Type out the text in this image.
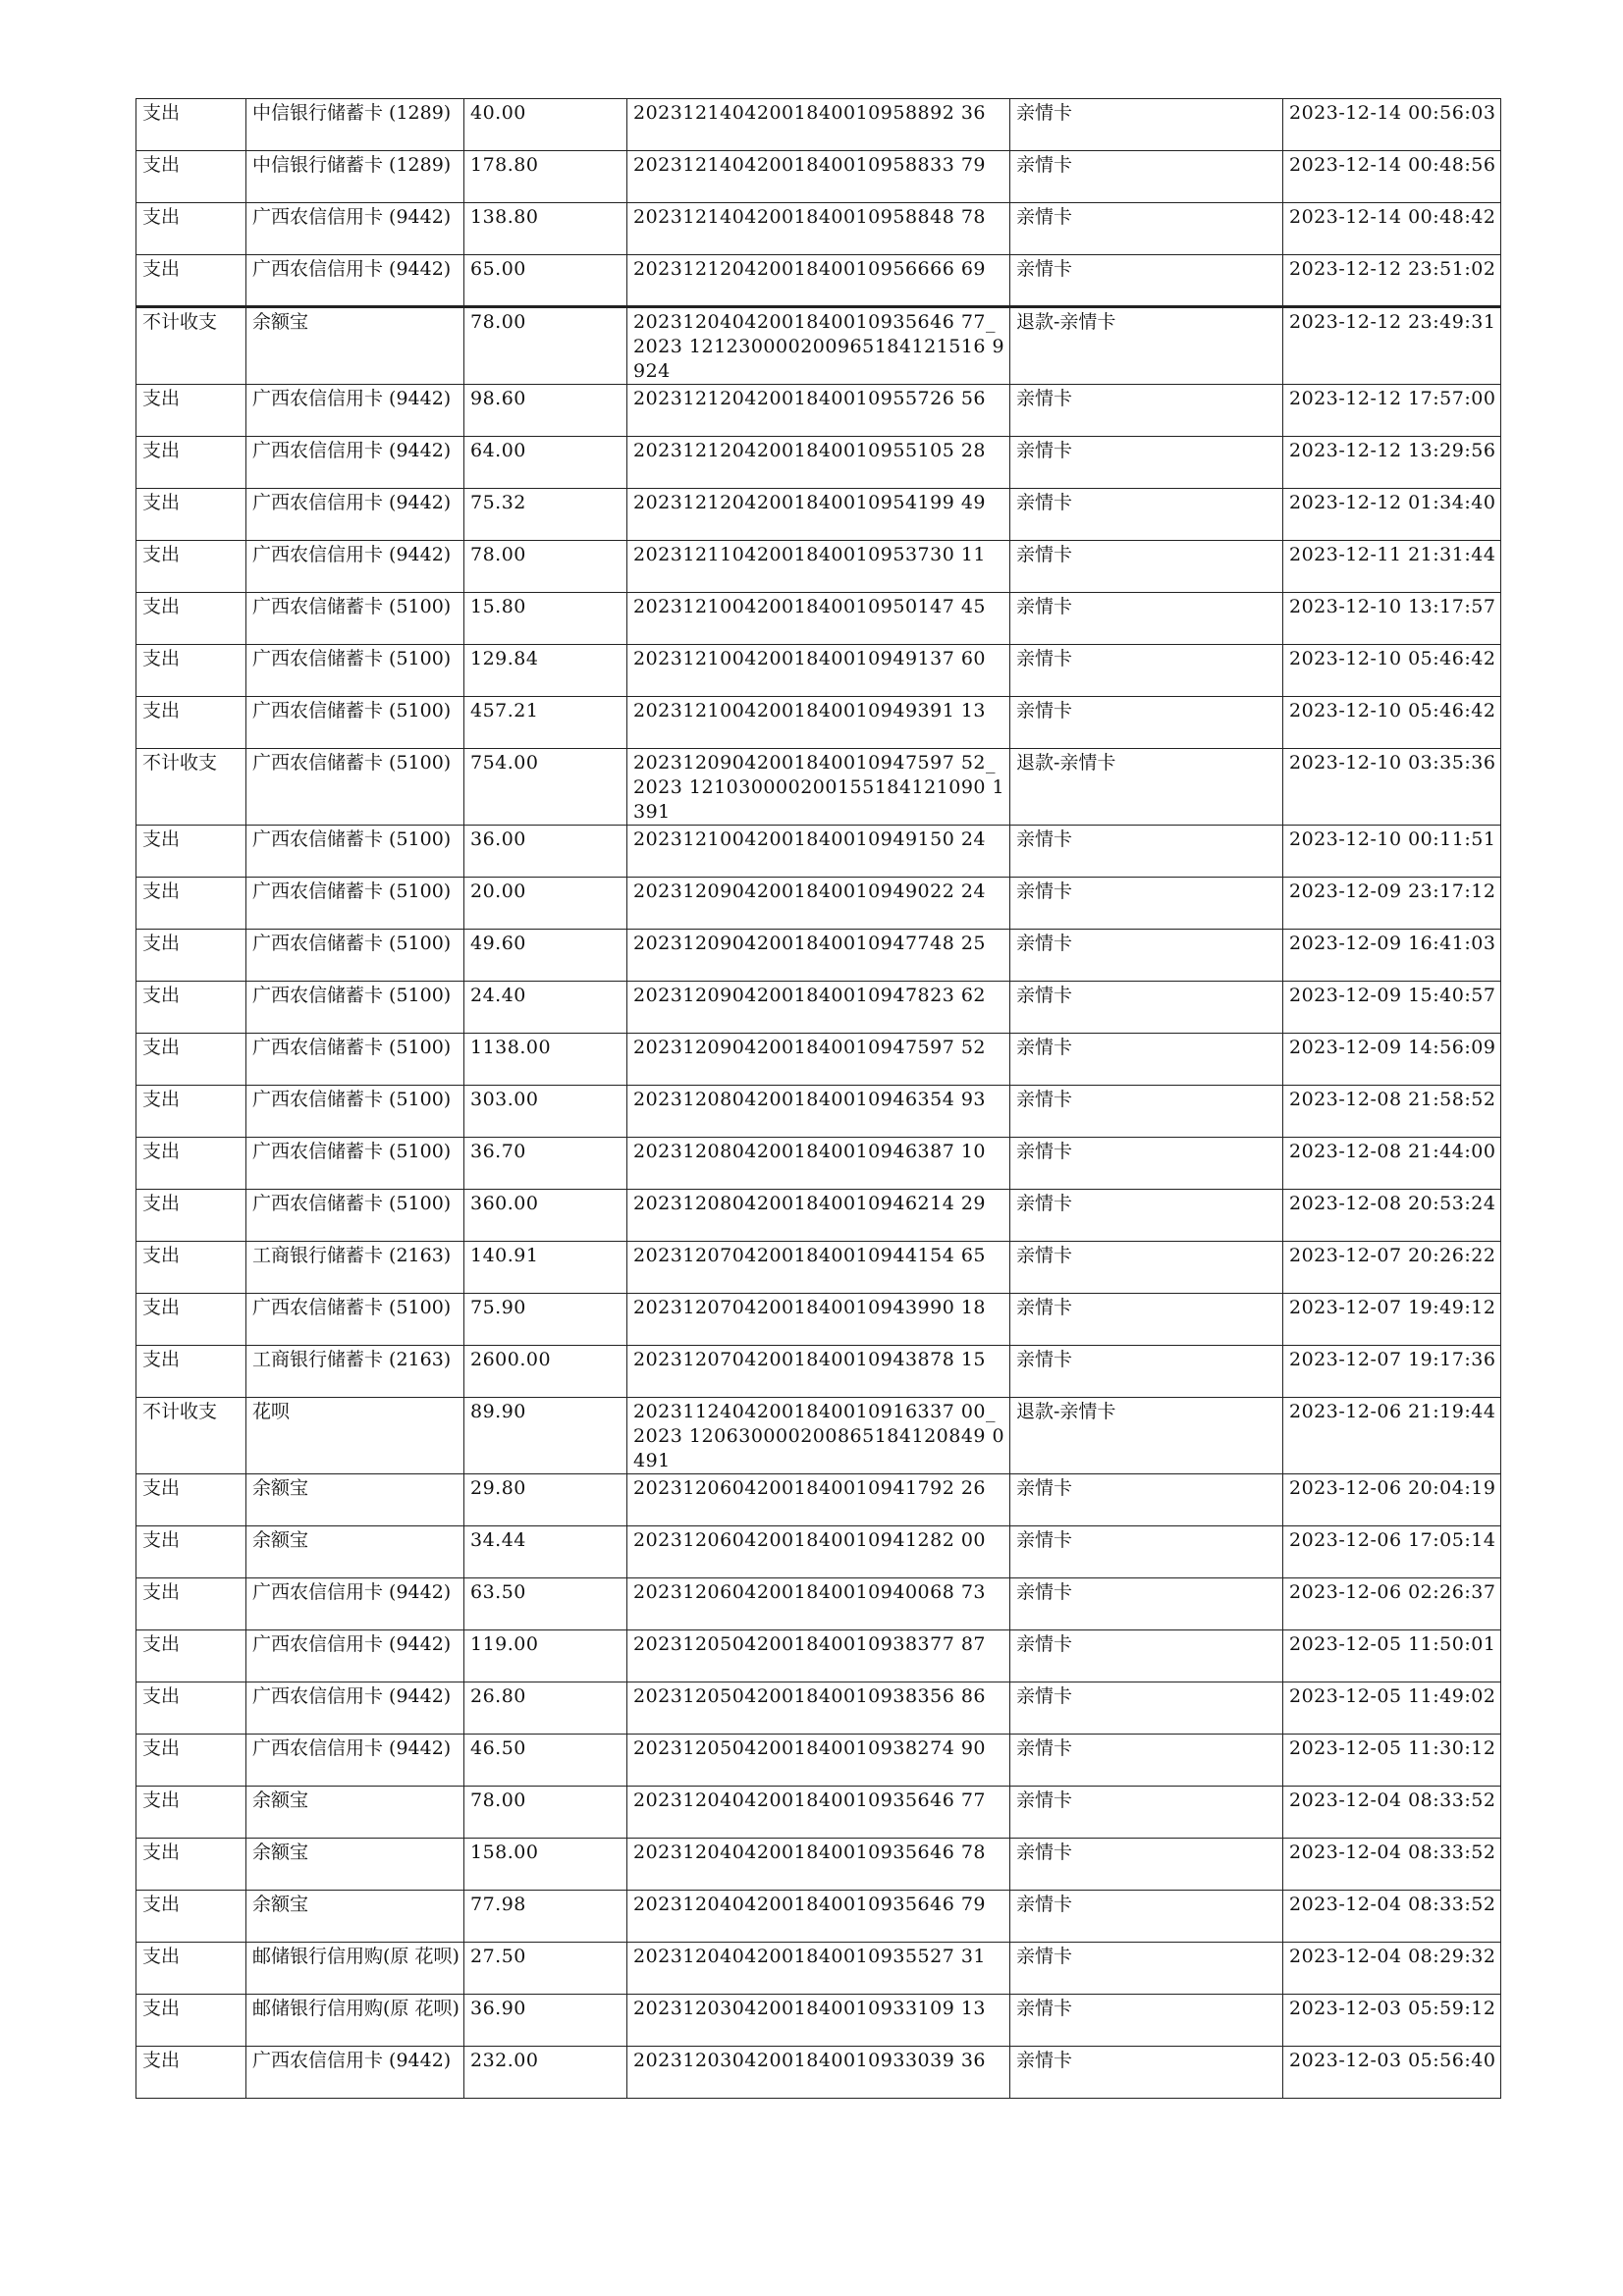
支出	中信银行储蓄卡 (1289)	40.00	20231214042001840010958892 36	亲情卡	2023-12-14 00:56:03
支出	中信银行储蓄卡 (1289)	178.80	20231214042001840010958833 79	亲情卡	2023-12-14 00:48:56
支出	广西农信信用卡 (9442)	138.80	20231214042001840010958848 78	亲情卡	2023-12-14 00:48:42
支出	广西农信信用卡 (9442)	65.00	20231212042001840010956666 69	亲情卡	2023-12-12 23:51:02
不计收支	余额宝	78.00	20231204042001840010935646 77_2023 121230000200965184121516 9924	退款-亲情卡	2023-12-12 23:49:31
支出	广西农信信用卡 (9442)	98.60	20231212042001840010955726 56	亲情卡	2023-12-12 17:57:00
支出	广西农信信用卡 (9442)	64.00	20231212042001840010955105 28	亲情卡	2023-12-12 13:29:56
支出	广西农信信用卡 (9442)	75.32	20231212042001840010954199 49	亲情卡	2023-12-12 01:34:40
支出	广西农信信用卡 (9442)	78.00	20231211042001840010953730 11	亲情卡	2023-12-11 21:31:44
支出	广西农信储蓄卡 (5100)	15.80	20231210042001840010950147 45	亲情卡	2023-12-10 13:17:57
支出	广西农信储蓄卡 (5100)	129.84	20231210042001840010949137 60	亲情卡	2023-12-10 05:46:42
支出	广西农信储蓄卡 (5100)	457.21	20231210042001840010949391 13	亲情卡	2023-12-10 05:46:42
不计收支	广西农信储蓄卡 (5100)	754.00	20231209042001840010947597 52_2023 121030000200155184121090 1391	退款-亲情卡	2023-12-10 03:35:36
支出	广西农信储蓄卡 (5100)	36.00	20231210042001840010949150 24	亲情卡	2023-12-10 00:11:51
支出	广西农信储蓄卡 (5100)	20.00	20231209042001840010949022 24	亲情卡	2023-12-09 23:17:12
支出	广西农信储蓄卡 (5100)	49.60	20231209042001840010947748 25	亲情卡	2023-12-09 16:41:03
支出	广西农信储蓄卡 (5100)	24.40	20231209042001840010947823 62	亲情卡	2023-12-09 15:40:57
支出	广西农信储蓄卡 (5100)	1138.00	20231209042001840010947597 52	亲情卡	2023-12-09 14:56:09
支出	广西农信储蓄卡 (5100)	303.00	20231208042001840010946354 93	亲情卡	2023-12-08 21:58:52
支出	广西农信储蓄卡 (5100)	36.70	20231208042001840010946387 10	亲情卡	2023-12-08 21:44:00
支出	广西农信储蓄卡 (5100)	360.00	20231208042001840010946214 29	亲情卡	2023-12-08 20:53:24
支出	工商银行储蓄卡 (2163)	140.91	20231207042001840010944154 65	亲情卡	2023-12-07 20:26:22
支出	广西农信储蓄卡 (5100)	75.90	20231207042001840010943990 18	亲情卡	2023-12-07 19:49:12
支出	工商银行储蓄卡 (2163)	2600.00	20231207042001840010943878 15	亲情卡	2023-12-07 19:17:36
不计收支	花呗	89.90	20231124042001840010916337 00_2023 120630000200865184120849 0491	退款-亲情卡	2023-12-06 21:19:44
支出	余额宝	29.80	20231206042001840010941792 26	亲情卡	2023-12-06 20:04:19
支出	余额宝	34.44	20231206042001840010941282 00	亲情卡	2023-12-06 17:05:14
支出	广西农信信用卡 (9442)	63.50	20231206042001840010940068 73	亲情卡	2023-12-06 02:26:37
支出	广西农信信用卡 (9442)	119.00	20231205042001840010938377 87	亲情卡	2023-12-05 11:50:01
支出	广西农信信用卡 (9442)	26.80	20231205042001840010938356 86	亲情卡	2023-12-05 11:49:02
支出	广西农信信用卡 (9442)	46.50	20231205042001840010938274 90	亲情卡	2023-12-05 11:30:12
支出	余额宝	78.00	20231204042001840010935646 77	亲情卡	2023-12-04 08:33:52
支出	余额宝	158.00	20231204042001840010935646 78	亲情卡	2023-12-04 08:33:52
支出	余额宝	77.98	20231204042001840010935646 79	亲情卡	2023-12-04 08:33:52
支出	邮储银行信用购(原 花呗)	27.50	20231204042001840010935527 31	亲情卡	2023-12-04 08:29:32
支出	邮储银行信用购(原 花呗)	36.90	20231203042001840010933109 13	亲情卡	2023-12-03 05:59:12
支出	广西农信信用卡 (9442)	232.00	20231203042001840010933039 36	亲情卡	2023-12-03 05:56:40
